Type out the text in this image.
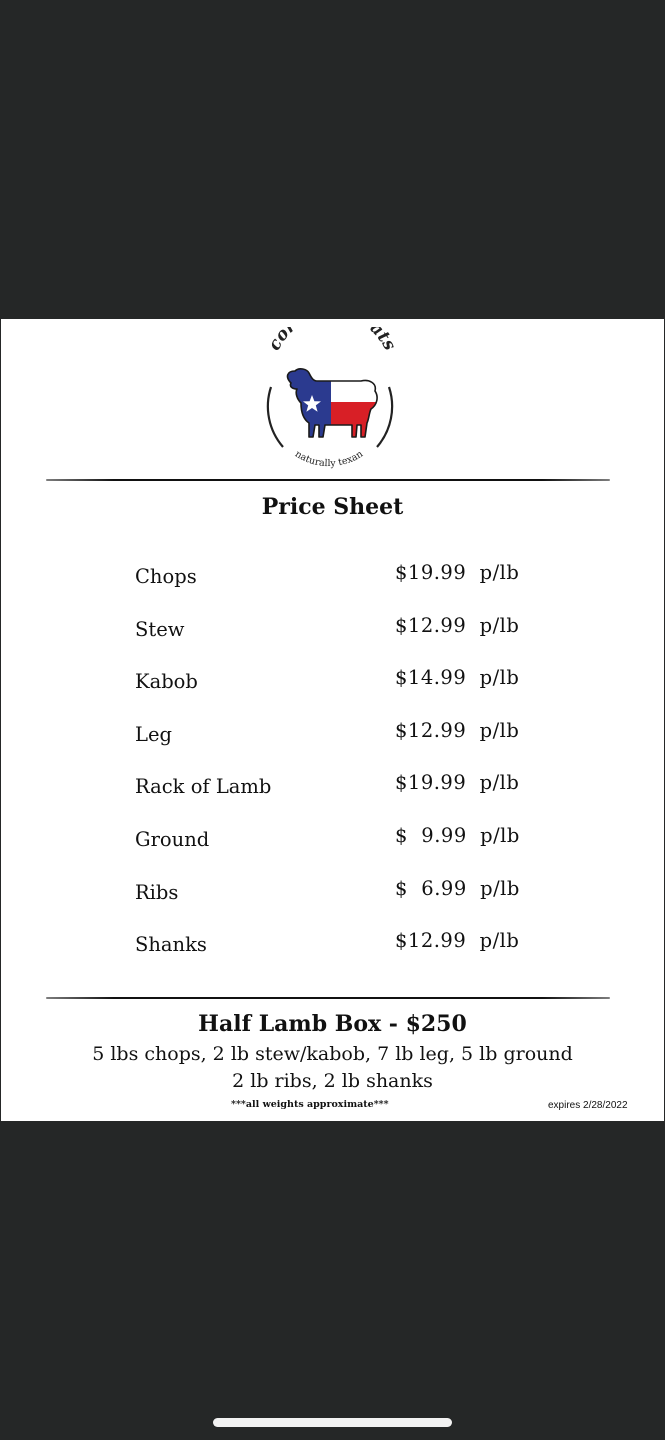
co ats
naturally texan
Price Sheet
Chops	$19.99  p/lb
Stew	$12.99  p/lb
Kabob	$14.99  p/lb
Leg	$12.99  p/lb
Rack of Lamb	$19.99  p/lb
Ground	$  9.99  p/lb
Ribs	$  6.99  p/lb
Shanks	$12.99  p/lb
Half Lamb Box - $250
5 lbs chops, 2 lb stew/kabob, 7 lb leg, 5 lb ground
2 lb ribs, 2 lb shanks
***all weights approximate***	expires 2/28/2022
